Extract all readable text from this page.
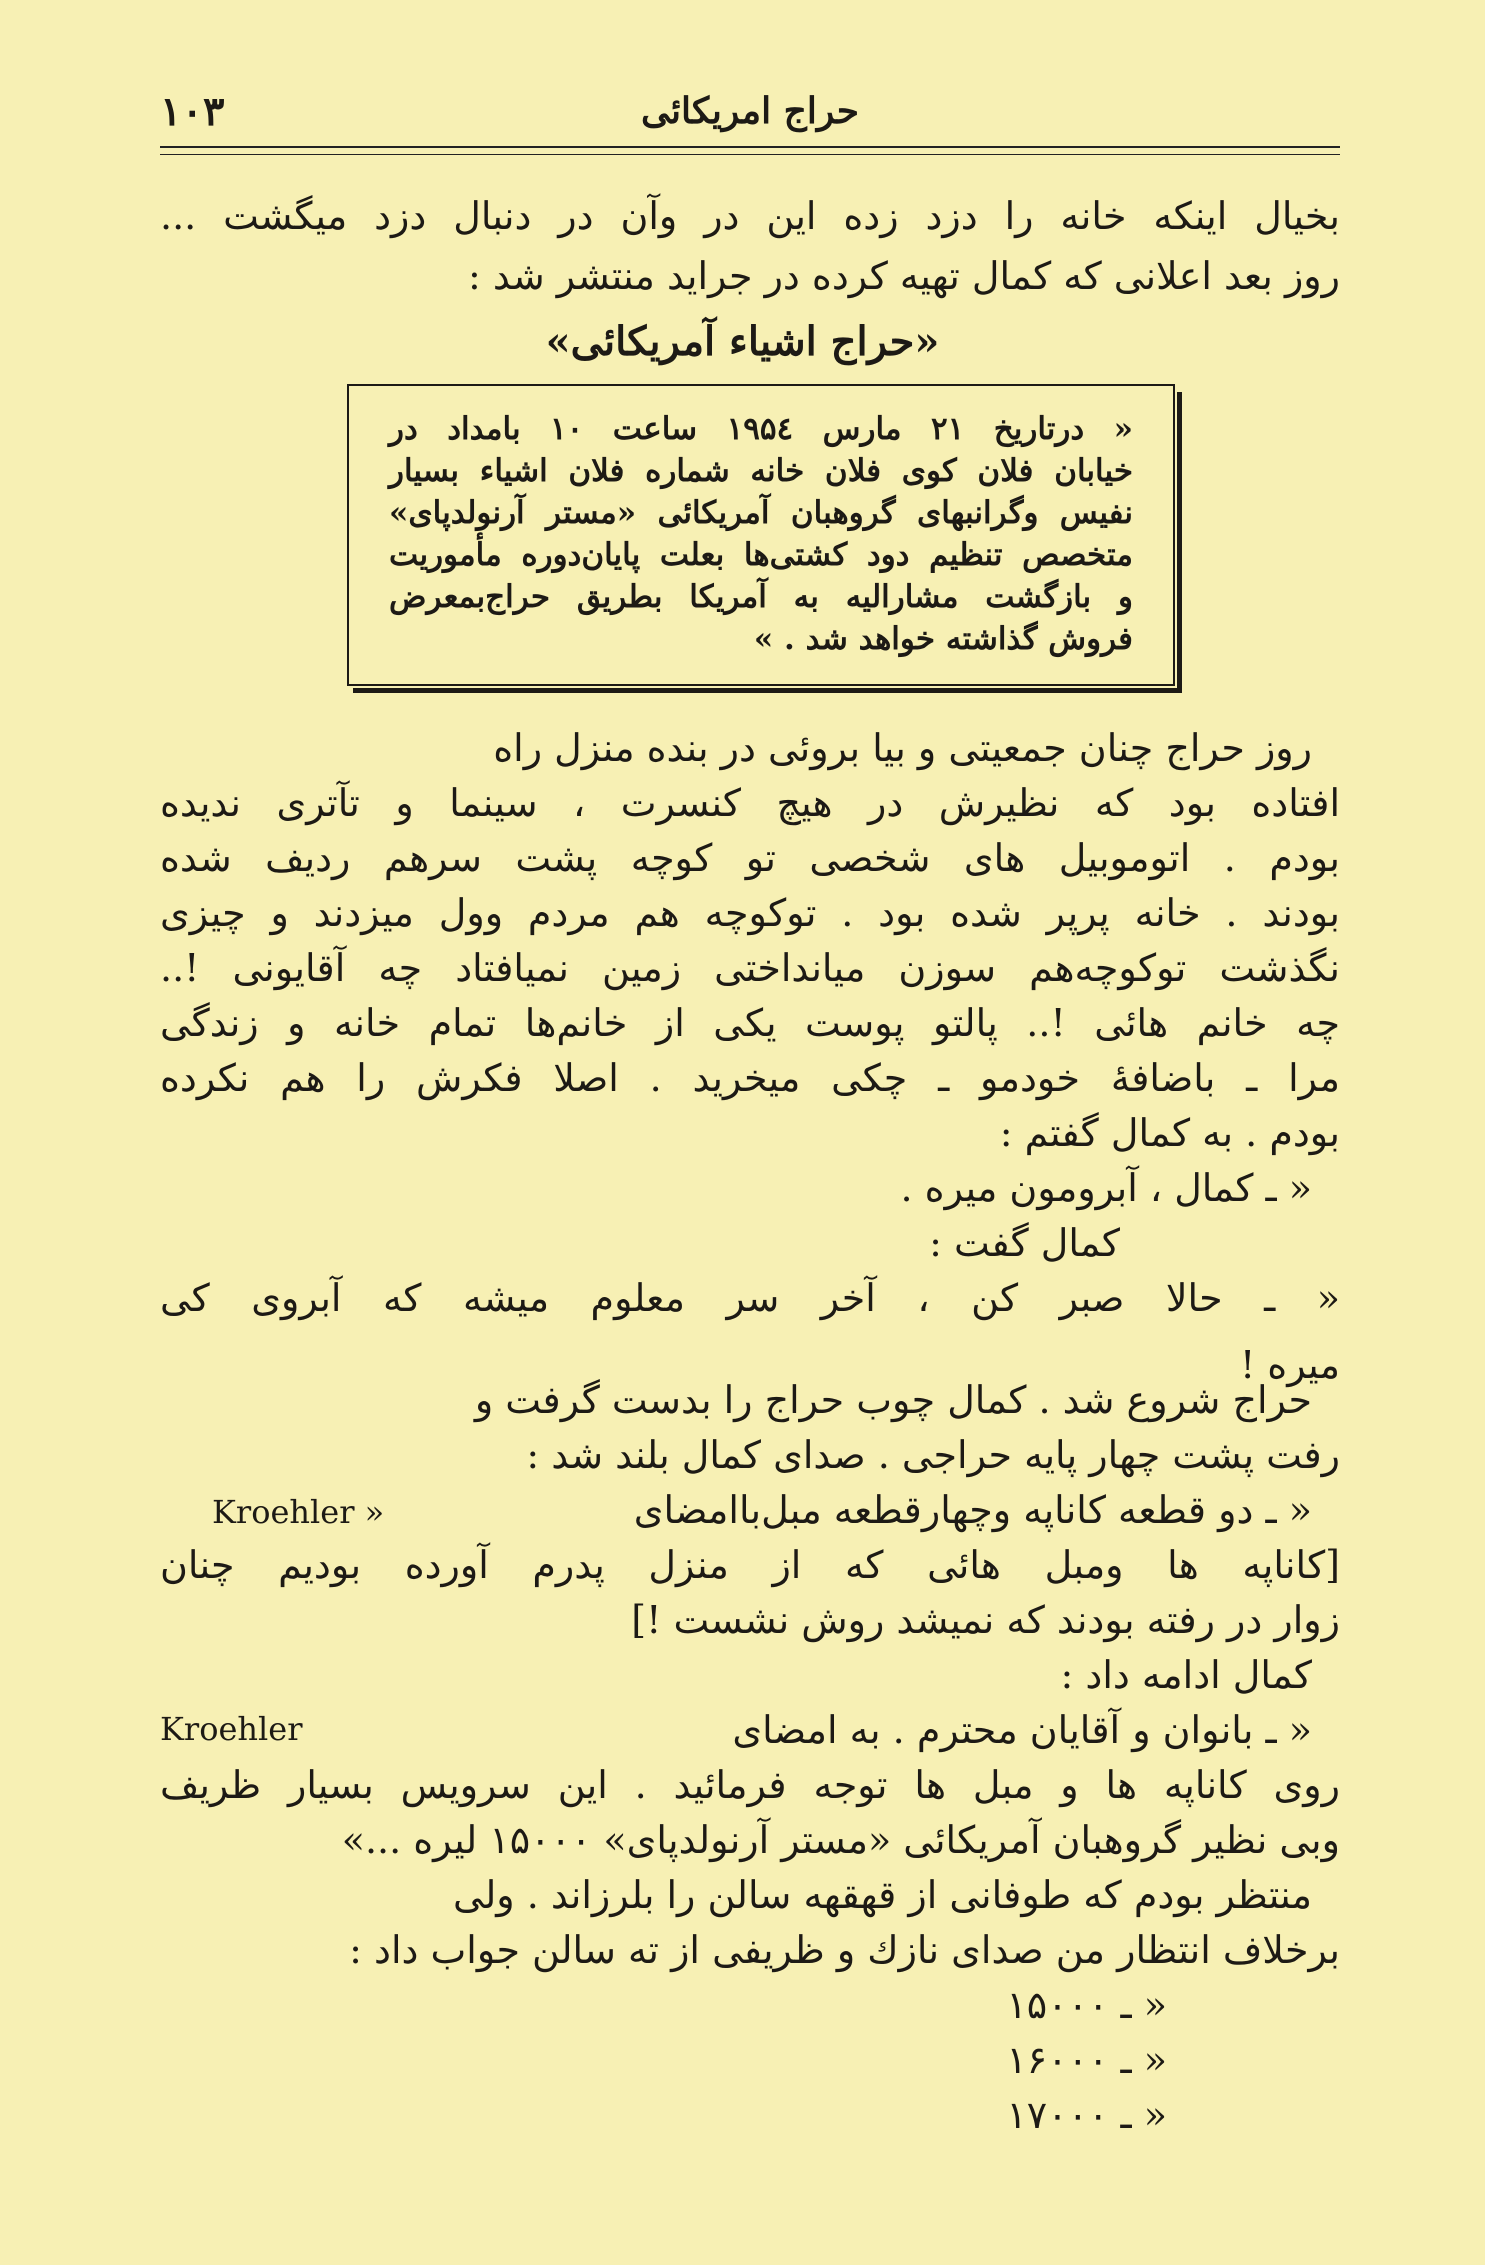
۱۰۳	حراج امریکائی
بخیال اینکه خانه را دزد زده این در وآن در دنبال دزد میگشت ...
روز بعد اعلانی که کمال تهیه کرده در جراید منتشر شد :
«حراج اشیاء آمریکائی»
« درتاریخ ۲۱ مارس ۱۹۵٤ ساعت ۱۰ بامداد در
خیابان فلان کوی فلان خانه شماره فلان اشیاء بسیار
نفیس وگرانبهای گروهبان آمریکائی «مستر آرنولدپای»
متخصص تنظیم دود کشتی‌ها بعلت پایان‌دوره مأموریت
و بازگشت مشارالیه به آمریکا بطریق حراج‌بمعرض
فروش گذاشته خواهد شد . »
روز حراج چنان جمعیتی و بیا بروئی در بنده منزل راه
افتاده بود که نظیرش در هیچ کنسرت ، سینما و تآتری ندیده
بودم . اتوموبیل های شخصی تو کوچه پشت سرهم ردیف شده
بودند . خانه پرپر شده بود . توکوچه هم مردم وول میزدند و چیزی
نگذشت توکوچه‌هم سوزن میانداختی زمین نمیافتاد چه آقایونی !..
چه خانم هائی !.. پالتو پوست یکی از خانم‌ها تمام خانه و زندگی
مرا ـ باضافهٔ خودمو ـ چکی میخرید . اصلا فکرش را هم نکرده
بودم . به کمال گفتم :
« ـ کمال ، آبرومون میره .
کمال گفت :
« ـ حالا صبر کن ، آخر سر معلوم میشه که آبروی کی
میره !
حراج شروع شد . کمال چوب حراج را بدست گرفت و
رفت پشت چهار پایه حراجی . صدای کمال بلند شد :
« ـ دو قطعه کاناپه وچهارقطعه مبل‌باامضای
Kroehler »
[کاناپه ها ومبل هائی که از منزل پدرم آورده بودیم چنان
زوار در رفته بودند که نمیشد روش نشست !]
کمال ادامه داد :
« ـ بانوان و آقایان محترم . به امضای
Kroehler
روی کاناپه ها و مبل ها توجه فرمائید . این سرویس بسیار ظریف
وبی نظیر گروهبان آمریکائی «مستر آرنولدپای» ۱۵۰۰۰ لیره ...»
منتظر بودم که طوفانی از قهقهه سالن را بلرزاند . ولی
برخلاف انتظار من صدای نازك و ظریفی از ته سالن جواب داد :
« ـ ۱۵۰۰۰
« ـ ۱۶۰۰۰
« ـ ۱۷۰۰۰
